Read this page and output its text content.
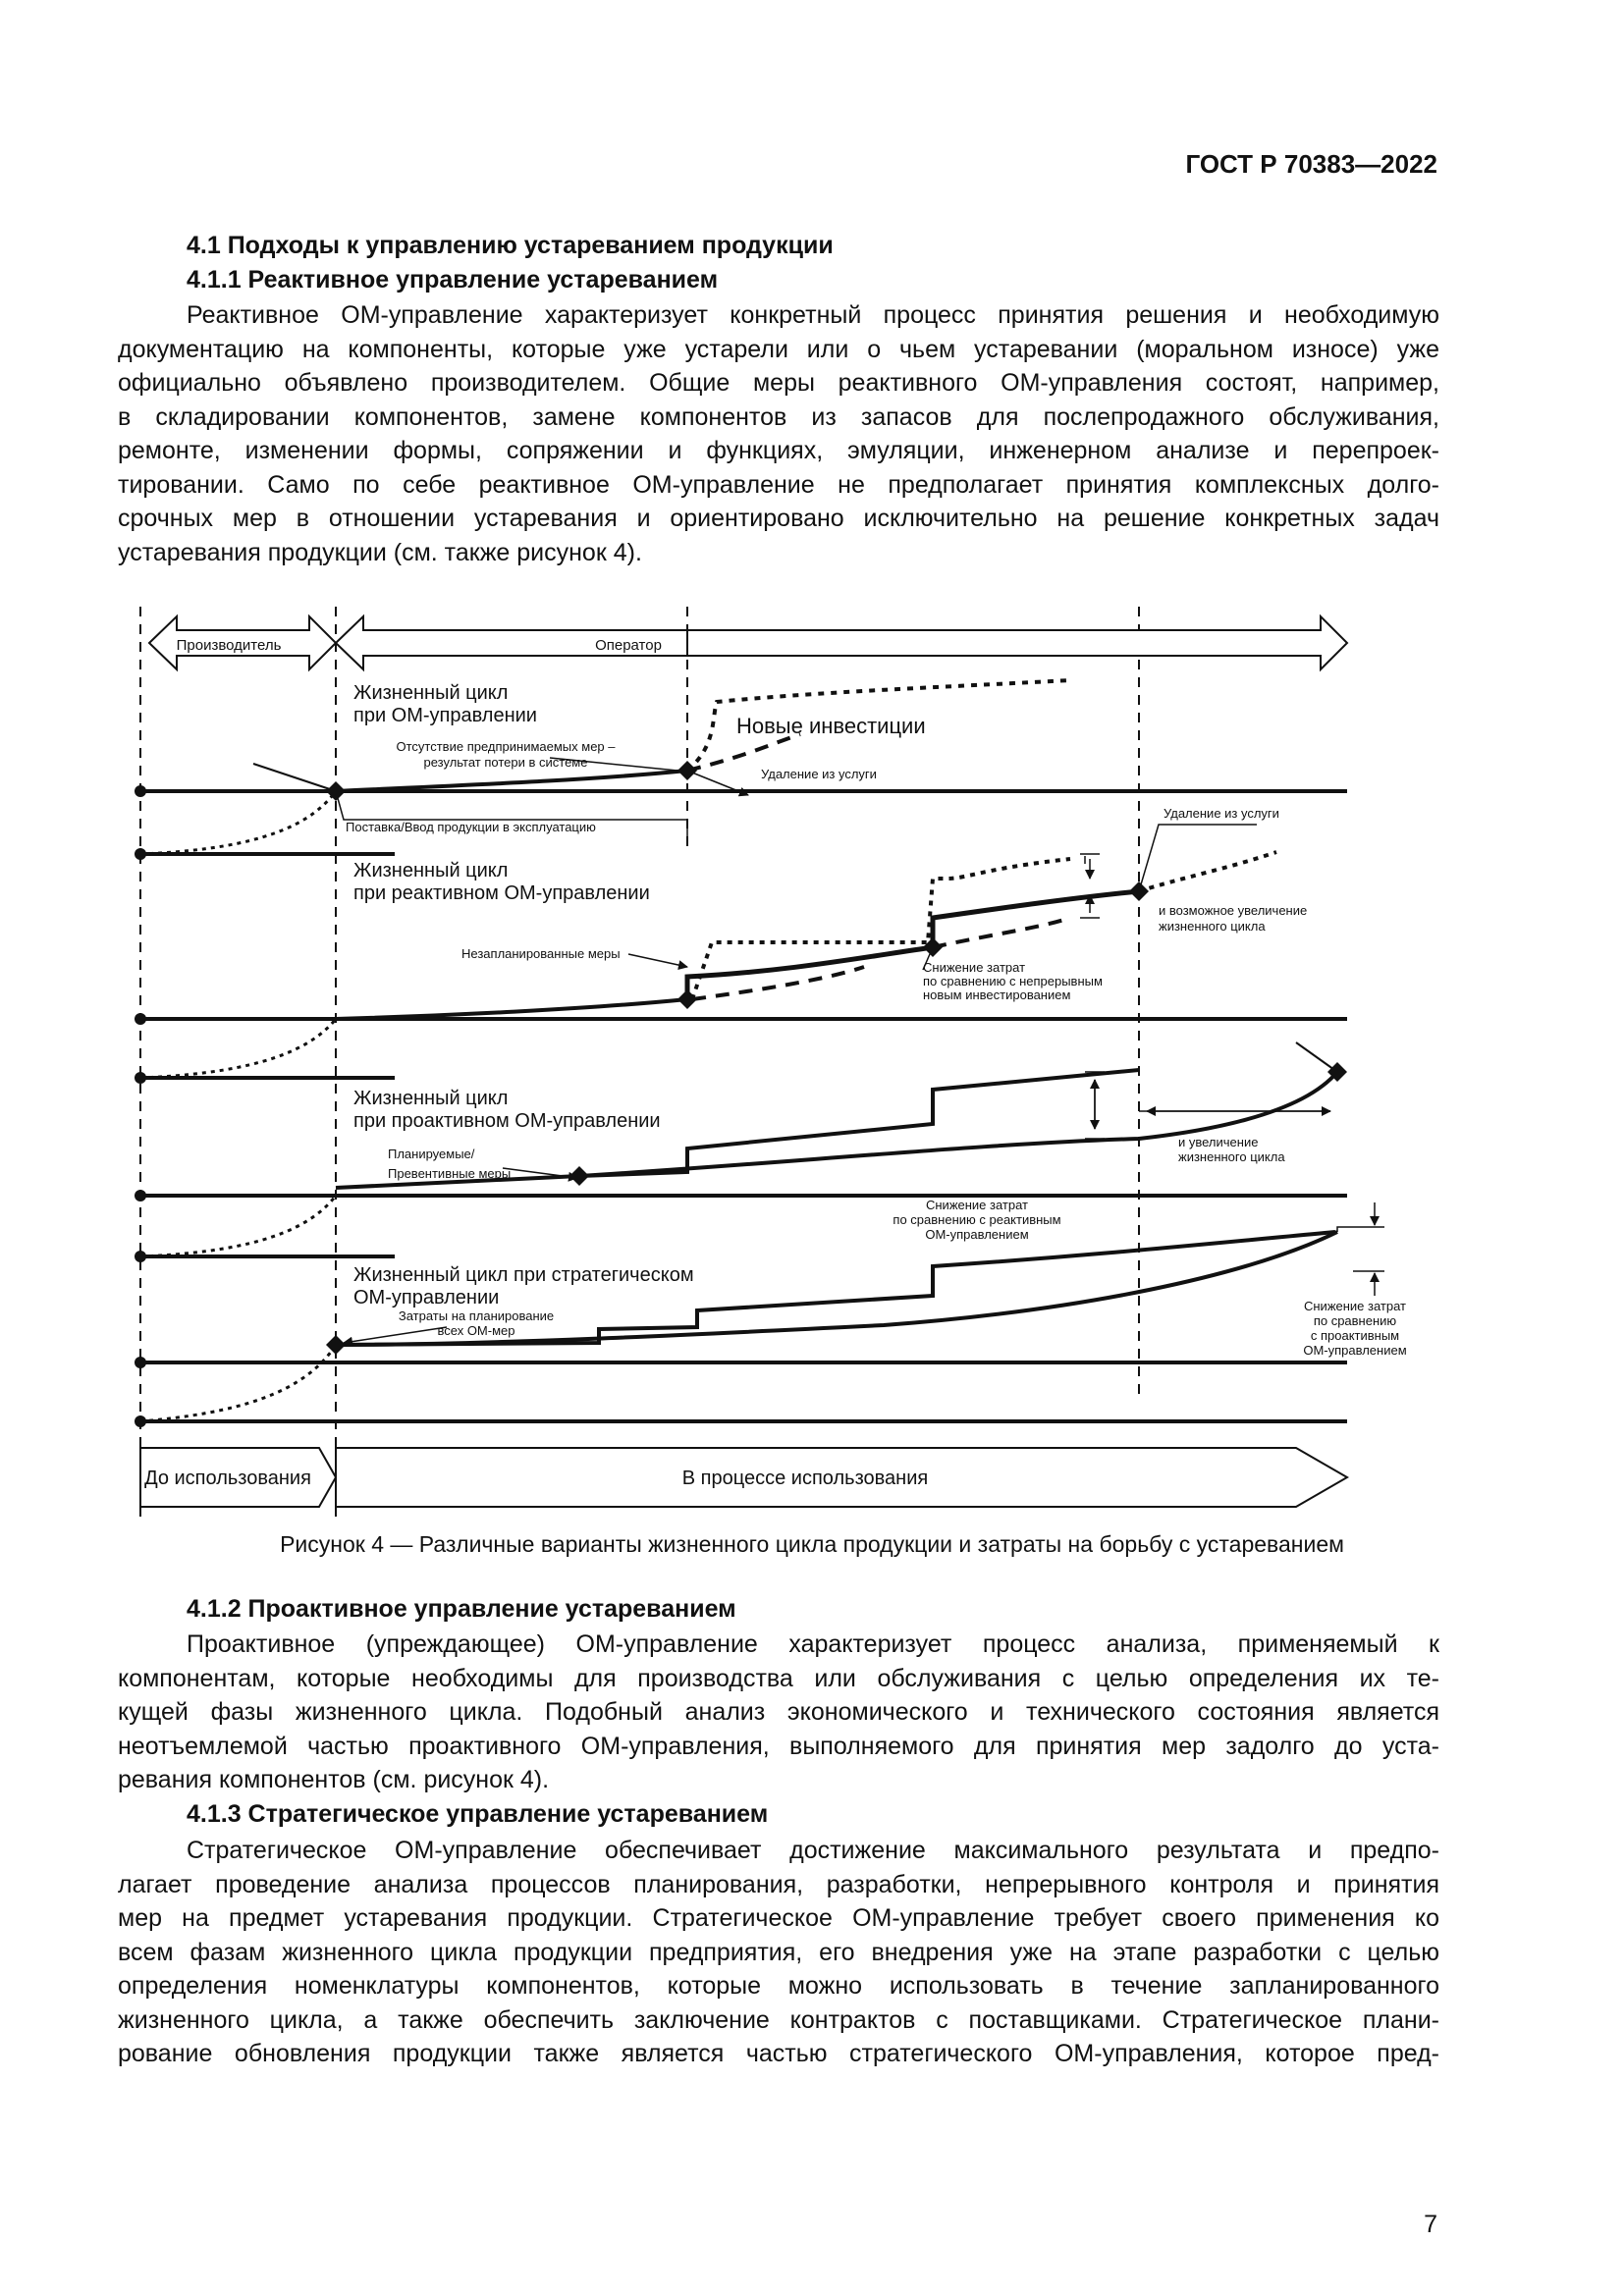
ГОСТ Р 70383—2022
4.1 Подходы к управлению устареванием продукции
4.1.1 Реактивное управление устареванием

Реактивное ОМ-управление характеризует конкретный процесс принятия решения и необходимую
документацию на компоненты, которые уже устарели или о чьем устаревании (моральном износе) уже
официально объявлено производителем. Общие меры реактивного ОМ-управления состоят, например,
в складировании компонентов, замене компонентов из запасов для послепродажного обслуживания,
ремонте, изменении формы, сопряжении и функциях, эмуляции, инженерном анализе и перепроек-
тировании. Само по себе реактивное ОМ-управление не предполагает принятия комплексных долго-
срочных мер в отношении устаревания и ориентировано исключительно на решение конкретных задач
устаревания продукции (см. также рисунок 4).

Производитель	Оператор
Жизненный цикл
при ОМ-управлении
Жизненный цикл
при реактивном ОМ-управлении
Жизненный цикл
при проактивном ОМ-управлении
Жизненный цикл при стратегическом
ОМ-управлении
Новые инвестиции
Отсутствие предпринимаемых мер –
результат потери в системе
Удаление из услуги
Поставка/Ввод продукции в эксплуатацию
Удаление из услуги
и возможное увеличение
жизненного цикла
Незапланированные меры
Снижение затрат
по сравнению с непрерывным
новым инвестированием
Планируемые/
Превентивные меры
и увеличение
жизненного цикла
Снижение затрат
по сравнению с реактивным
ОМ-управлением
Затраты на планирование
всех ОМ-мер
Снижение затрат
по сравнению
с проактивным
ОМ-управлением
До использования	В процессе использования
Рисунок 4 — Различные варианты жизненного цикла продукции и затраты на борьбу с устареванием
4.1.2 Проактивное управление устареванием

Проактивное (упреждающее) ОМ-управление характеризует процесс анализа, применяемый к
компонентам, которые необходимы для производства или обслуживания с целью определения их те-
кущей фазы жизненного цикла. Подобный анализ экономического и технического состояния является
неотъемлемой частью проактивного ОМ-управления, выполняемого для принятия мер задолго до уста-
ревания компонентов (см. рисунок 4).

4.1.3 Стратегическое управление устареванием

Стратегическое ОМ-управление обеспечивает достижение максимального результата и предпо-
лагает проведение анализа процессов планирования, разработки, непрерывного контроля и принятия
мер на предмет устаревания продукции. Стратегическое ОМ-управление требует своего применения ко
всем фазам жизненного цикла продукции предприятия, его внедрения уже на этапе разработки с целью
определения номенклатуры компонентов, которые можно использовать в течение запланированного
жизненного цикла, а также обеспечить заключение контрактов с поставщиками. Стратегическое плани-
рование обновления продукции также является частью стратегического ОМ-управления, которое пред-

7
